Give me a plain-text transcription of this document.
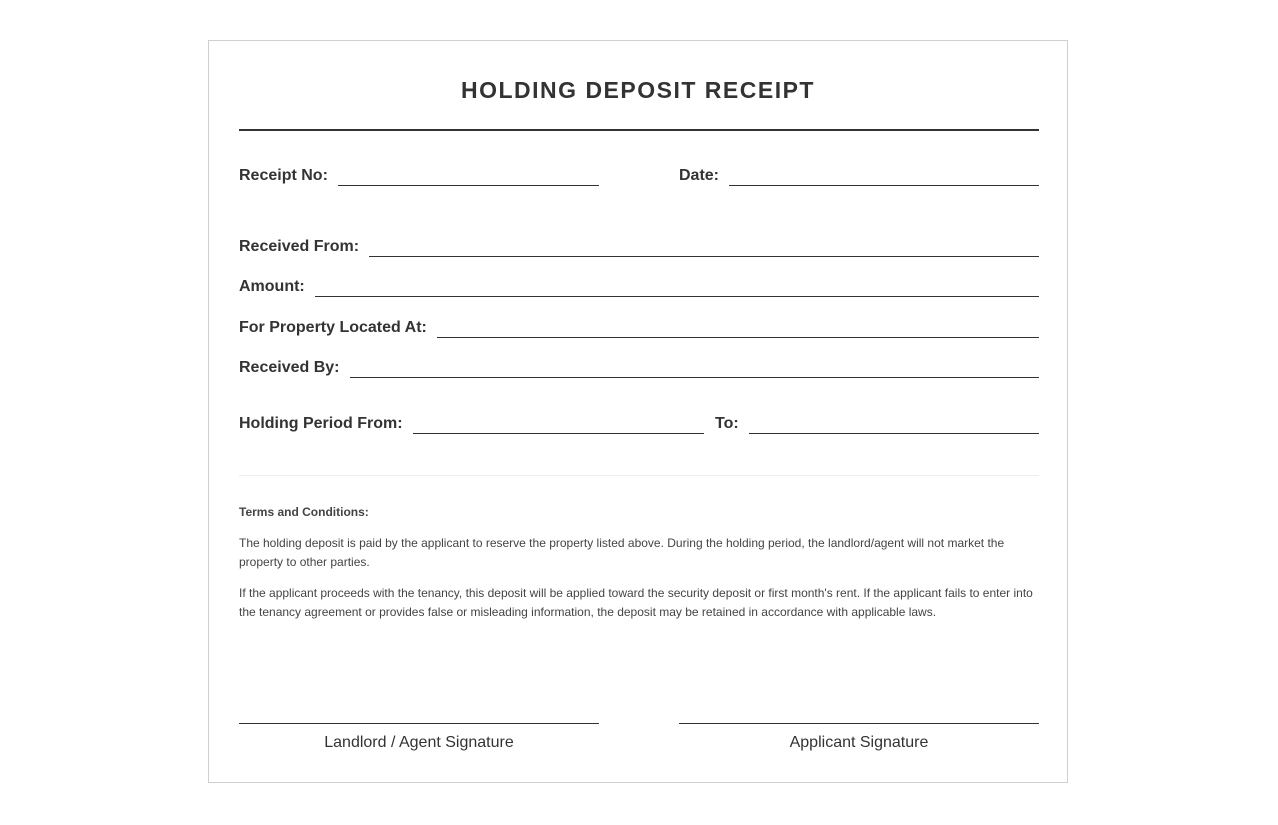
HOLDING DEPOSIT RECEIPT
Receipt No:	Date:
Received From:
Amount:
For Property Located At:
Received By:
Holding Period From:	To:

Terms and Conditions:

The holding deposit is paid by the applicant to reserve the property listed above. During the holding period, the landlord/agent will not market the property to other parties.

If the applicant proceeds with the tenancy, this deposit will be applied toward the security deposit or first month's rent. If the applicant fails to enter into the tenancy agreement or provides false or misleading information, the deposit may be retained in accordance with applicable laws.

Landlord / Agent Signature	Applicant Signature
